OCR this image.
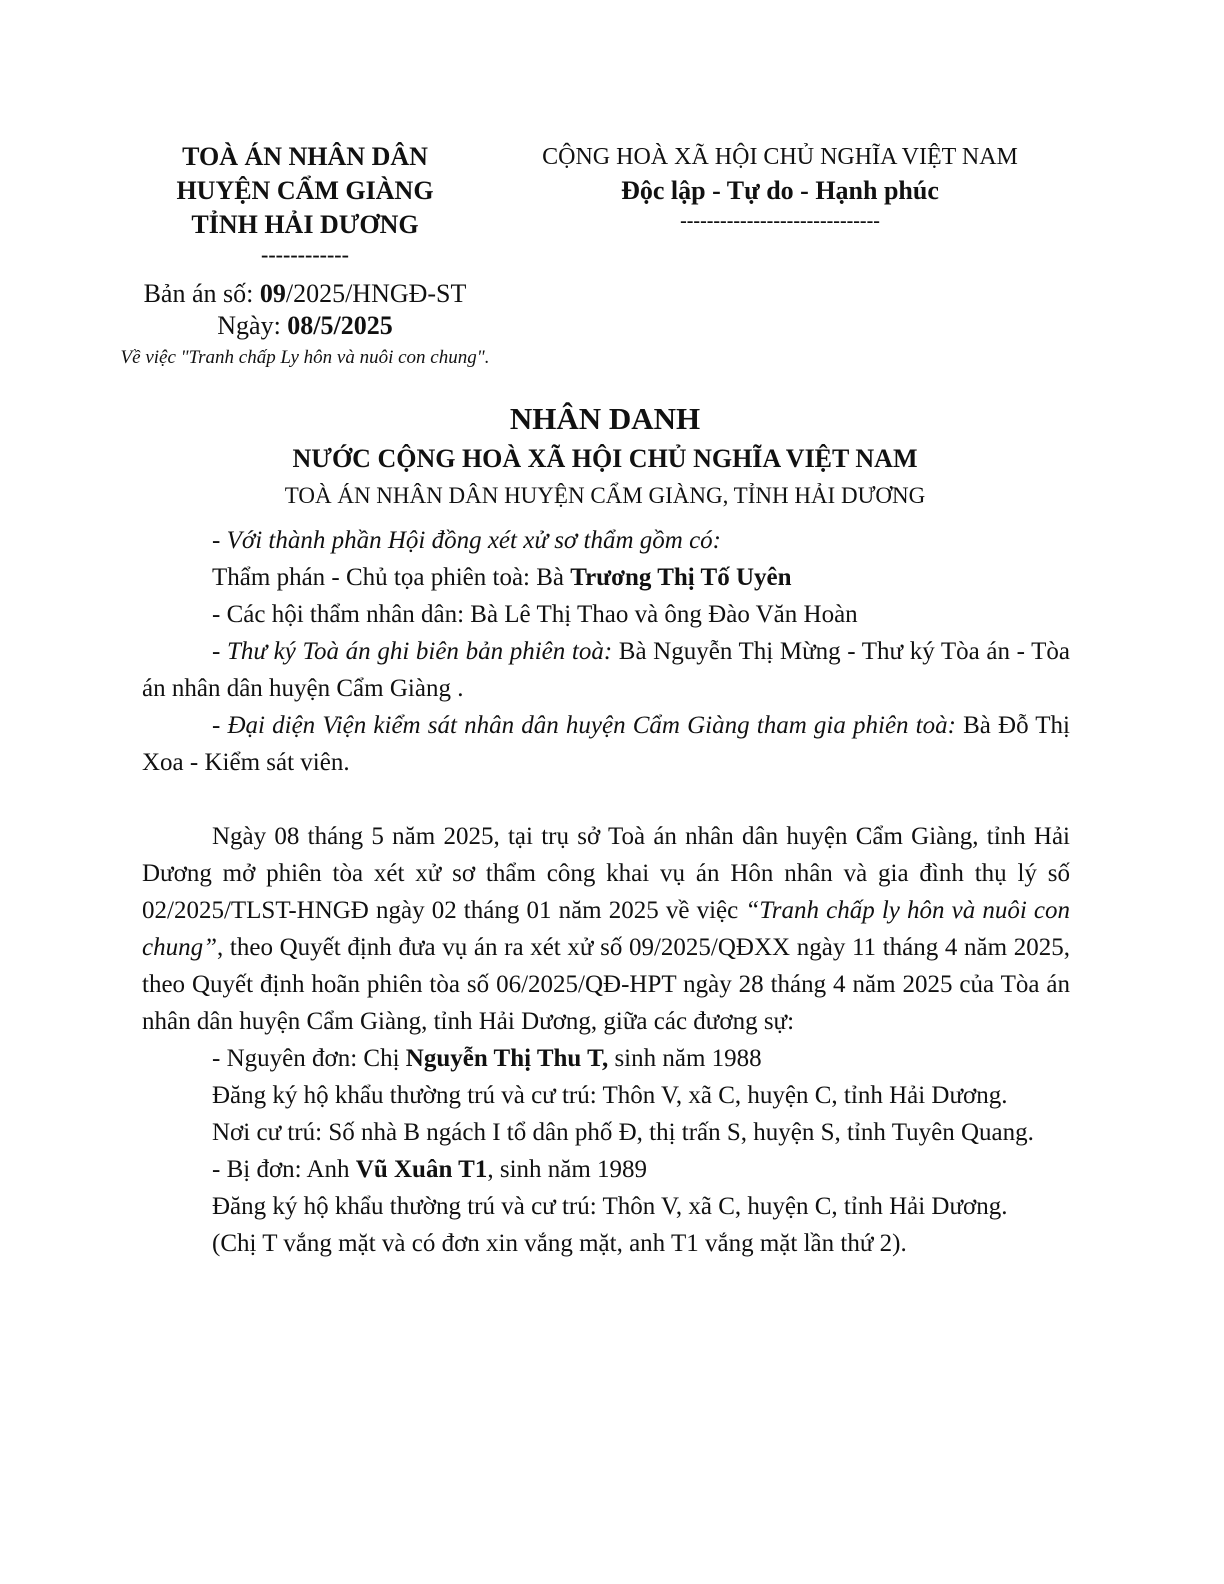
TOÀ ÁN NHÂN DÂN
HUYỆN CẨM GIÀNG
TỈNH HẢI DƯƠNG
------------
Bản án số: 09/2025/HNGĐ-ST
Ngày: 08/5/2025
Về việc "Tranh chấp Ly hôn và nuôi con chung".
CỘNG HOÀ XÃ HỘI CHỦ NGHĨA VIỆT NAM
Độc lập - Tự do - Hạnh phúc
------------------------------
NHÂN DANH
NƯỚC CỘNG HOÀ XÃ HỘI CHỦ NGHĨA VIỆT NAM
TOÀ ÁN NHÂN DÂN HUYỆN CẨM GIÀNG, TỈNH HẢI DƯƠNG

- Với thành phần Hội đồng xét xử sơ thẩm gồm có:

Thẩm phán - Chủ tọa phiên toà: Bà Trương Thị Tố Uyên

- Các hội thẩm nhân dân: Bà Lê Thị Thao và ông Đào Văn Hoàn

- Thư ký Toà án ghi biên bản phiên toà: Bà Nguyễn Thị Mừng - Thư ký Tòa án - Tòa án nhân dân huyện Cẩm Giàng .

- Đại diện Viện kiểm sát nhân dân huyện Cẩm Giàng tham gia phiên toà: Bà Đỗ Thị Xoa - Kiểm sát viên.

Ngày 08 tháng 5 năm 2025, tại trụ sở Toà án nhân dân huyện Cẩm Giàng, tỉnh Hải Dương mở phiên tòa xét xử sơ thẩm công khai vụ án Hôn nhân và gia đình thụ lý số 02/2025/TLST-HNGĐ ngày 02 tháng 01 năm 2025 về việc “Tranh chấp ly hôn và nuôi con chung”, theo Quyết định đưa vụ án ra xét xử số 09/2025/QĐXX ngày 11 tháng 4 năm 2025, theo Quyết định hoãn phiên tòa số 06/2025/QĐ-HPT ngày 28 tháng 4 năm 2025 của Tòa án nhân dân huyện Cẩm Giàng, tỉnh Hải Dương, giữa các đương sự:

- Nguyên đơn: Chị Nguyễn Thị Thu T, sinh năm 1988

Đăng ký hộ khẩu thường trú và cư trú: Thôn V, xã C, huyện C, tỉnh Hải Dương.

Nơi cư trú: Số nhà B ngách I tổ dân phố Đ, thị trấn S, huyện S, tỉnh Tuyên Quang.

- Bị đơn: Anh Vũ Xuân T1, sinh năm 1989

Đăng ký hộ khẩu thường trú và cư trú: Thôn V, xã C, huyện C, tỉnh Hải Dương.

(Chị T vắng mặt và có đơn xin vắng mặt, anh T1 vắng mặt lần thứ 2).
